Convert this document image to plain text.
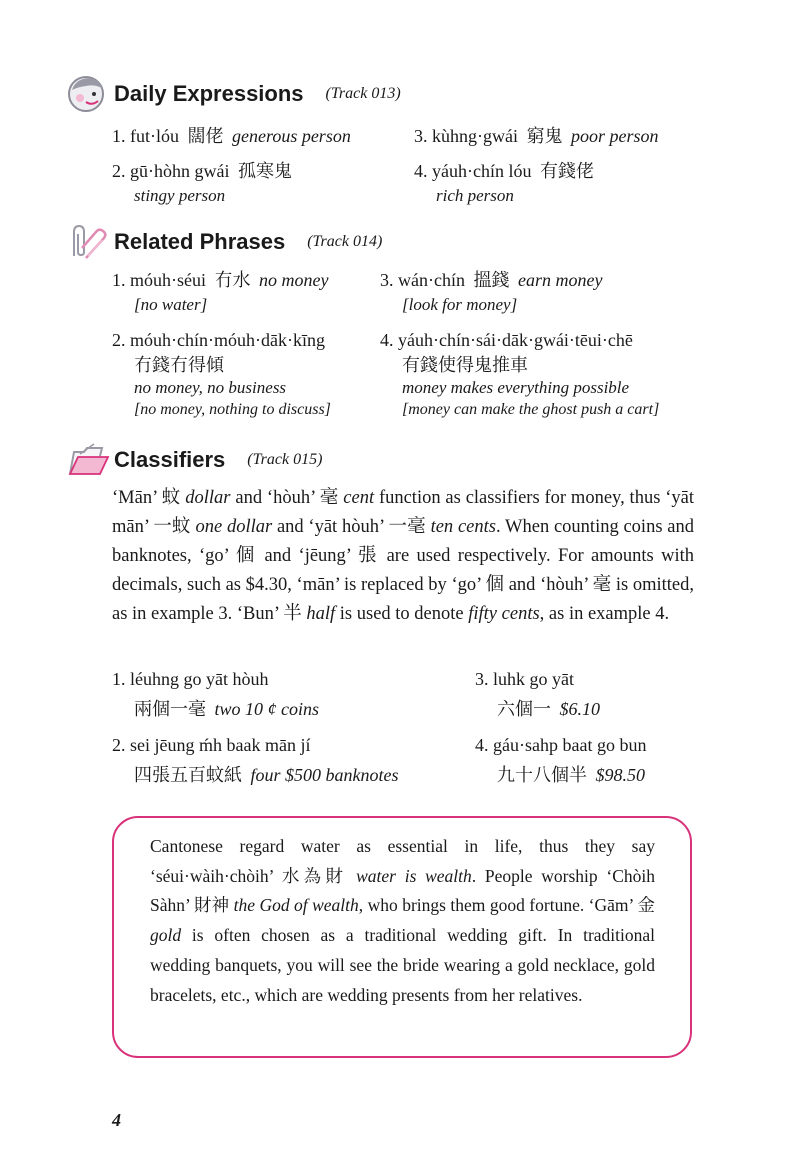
Daily Expressions (Track 013)
1. fut·lóu 闊佬 generous person	3. kùhng·gwái 窮鬼 poor person
2. gū·hòhn gwái 孤寒鬼
stingy person
4. yáuh·chín lóu 有錢佬
rich person
Related Phrases (Track 014)
1. móuh·séui 冇水 no money
[no water]
3. wán·chín 搵錢 earn money
[look for money]
2. móuh·chín·móuh·dāk·kīng
冇錢冇得傾
no money, no business
[no money, nothing to discuss]
4. yáuh·chín·sái·dāk·gwái·tēui·chē
有錢使得鬼推車
money makes everything possible
[money can make the ghost push a cart]
Classifiers (Track 015)
‘Mān’ 蚊 dollar and ‘hòuh’ 毫 cent function as classifiers for money, thus ‘yāt mān’ 一蚊 one dollar and ‘yāt hòuh’ 一毫 ten cents. When counting coins and banknotes, ‘go’ 個 and ‘jēung’ 張 are used respectively. For amounts with decimals, such as $4.30, ‘mān’ is replaced by ‘go’ 個 and ‘hòuh’ 毫 is omitted, as in example 3. ‘Bun’ 半 half is used to denote fifty cents, as in example 4.
1. léuhng go yāt hòuh
兩個一毫 two 10 ¢ coins
3. luhk go yāt
六個一 $6.10
2. sei jēung ḿh baak mān jí
四張五百蚊紙 four $500 banknotes
4. gáu·sahp baat go bun
九十八個半 $98.50
Cantonese regard water as essential in life, thus they say ‘séui·wàih·chòih’ 水為財 water is wealth. People worship ‘Chòih Sàhn’ 財神 the God of wealth, who brings them good fortune. ‘Gām’ 金 gold is often chosen as a traditional wedding gift. In traditional wedding banquets, you will see the bride wearing a gold necklace, gold bracelets, etc., which are wedding presents from her relatives.
4
